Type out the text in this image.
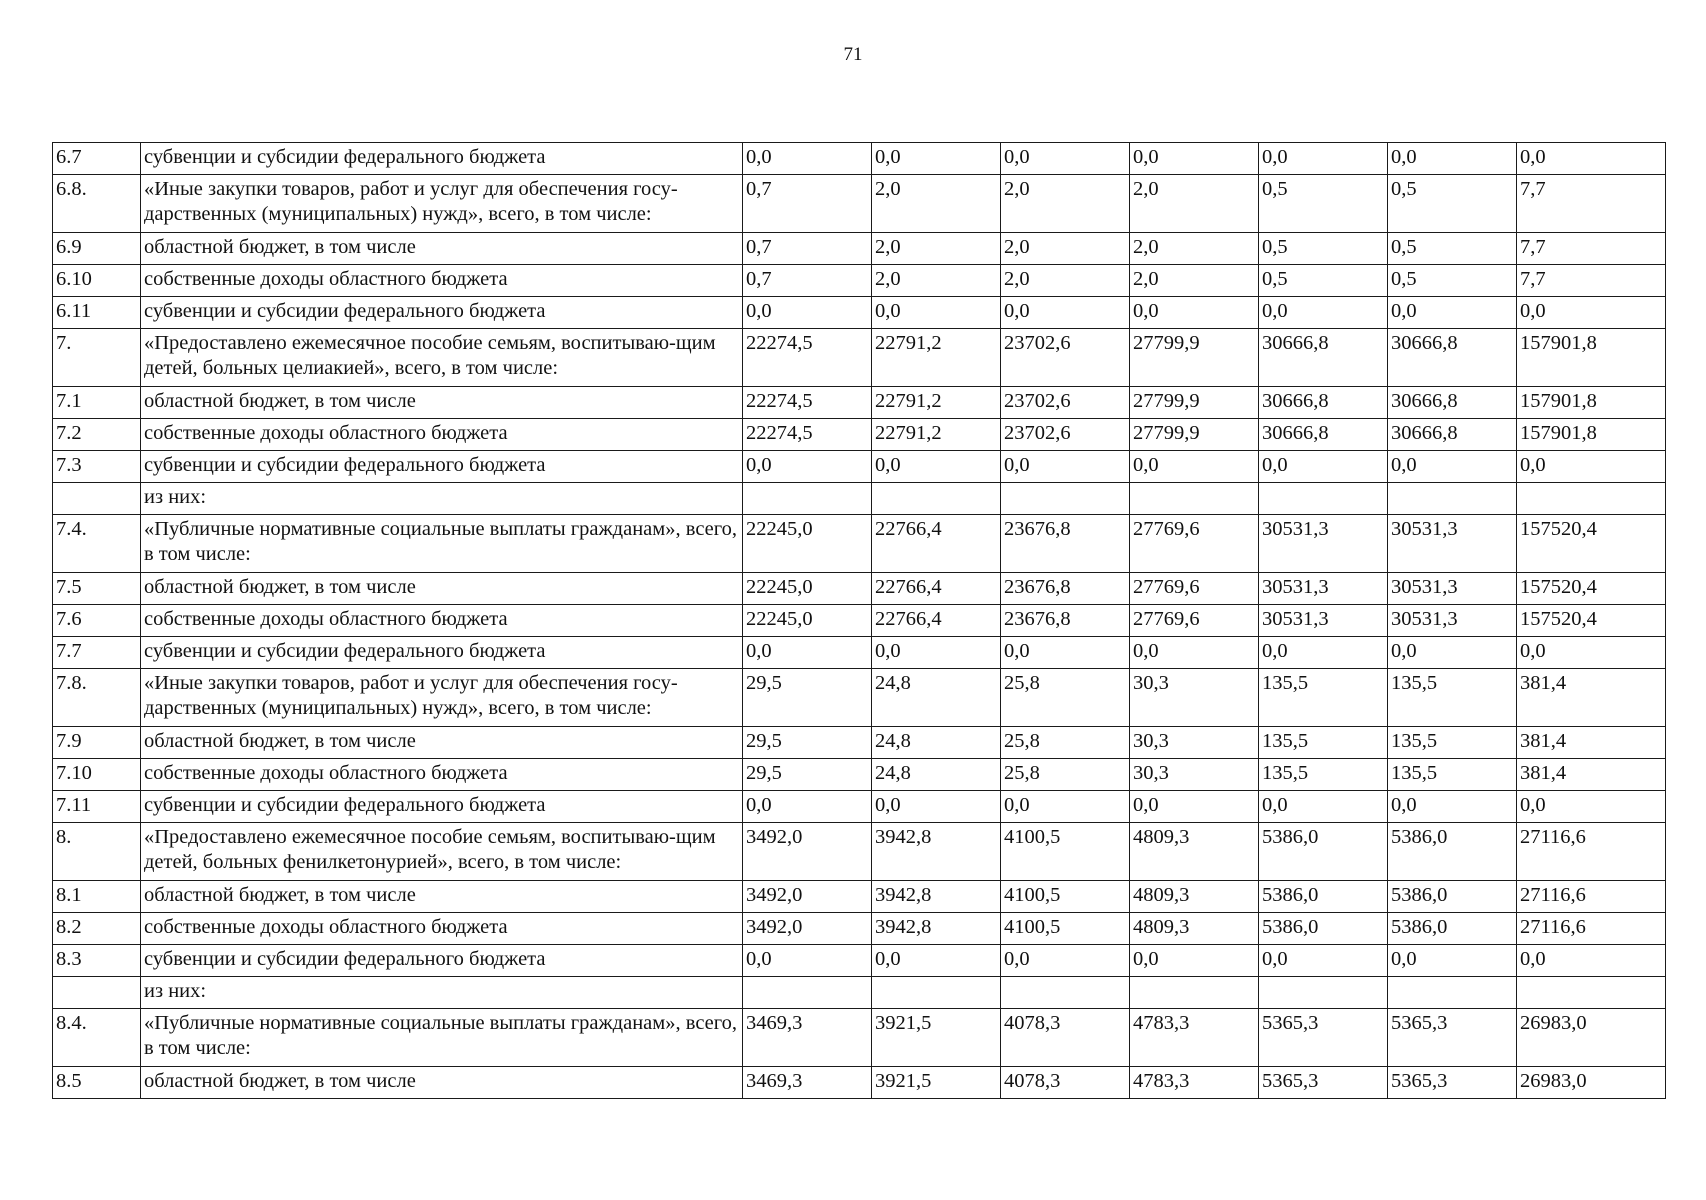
71
6.7	субвенции и субсидии федерального бюджета	0,0	0,0	0,0	0,0	0,0	0,0	0,0
6.8.	«Иные закупки товаров, работ и услуг для обеспечения госу-дарственных (муниципальных) нужд», всего, в том числе:	0,7	2,0	2,0	2,0	0,5	0,5	7,7
6.9	областной бюджет, в том числе	0,7	2,0	2,0	2,0	0,5	0,5	7,7
6.10	собственные доходы областного бюджета	0,7	2,0	2,0	2,0	0,5	0,5	7,7
6.11	субвенции и субсидии федерального бюджета	0,0	0,0	0,0	0,0	0,0	0,0	0,0
7.	«Предоставлено ежемесячное пособие семьям, воспитываю-щим детей, больных целиакией», всего, в том числе:	22274,5	22791,2	23702,6	27799,9	30666,8	30666,8	157901,8
7.1	областной бюджет, в том числе	22274,5	22791,2	23702,6	27799,9	30666,8	30666,8	157901,8
7.2	собственные доходы областного бюджета	22274,5	22791,2	23702,6	27799,9	30666,8	30666,8	157901,8
7.3	субвенции и субсидии федерального бюджета	0,0	0,0	0,0	0,0	0,0	0,0	0,0
	из них:							
7.4.	«Публичные нормативные социальные выплаты гражданам», всего, в том числе:	22245,0	22766,4	23676,8	27769,6	30531,3	30531,3	157520,4
7.5	областной бюджет, в том числе	22245,0	22766,4	23676,8	27769,6	30531,3	30531,3	157520,4
7.6	собственные доходы областного бюджета	22245,0	22766,4	23676,8	27769,6	30531,3	30531,3	157520,4
7.7	субвенции и субсидии федерального бюджета	0,0	0,0	0,0	0,0	0,0	0,0	0,0
7.8.	«Иные закупки товаров, работ и услуг для обеспечения госу-дарственных (муниципальных) нужд», всего, в том числе:	29,5	24,8	25,8	30,3	135,5	135,5	381,4
7.9	областной бюджет, в том числе	29,5	24,8	25,8	30,3	135,5	135,5	381,4
7.10	собственные доходы областного бюджета	29,5	24,8	25,8	30,3	135,5	135,5	381,4
7.11	субвенции и субсидии федерального бюджета	0,0	0,0	0,0	0,0	0,0	0,0	0,0
8.	«Предоставлено ежемесячное пособие семьям, воспитываю-щим детей, больных фенилкетонурией», всего, в том числе:	3492,0	3942,8	4100,5	4809,3	5386,0	5386,0	27116,6
8.1	областной бюджет, в том числе	3492,0	3942,8	4100,5	4809,3	5386,0	5386,0	27116,6
8.2	собственные доходы областного бюджета	3492,0	3942,8	4100,5	4809,3	5386,0	5386,0	27116,6
8.3	субвенции и субсидии федерального бюджета	0,0	0,0	0,0	0,0	0,0	0,0	0,0
	из них:							
8.4.	«Публичные нормативные социальные выплаты гражданам», всего, в том числе:	3469,3	3921,5	4078,3	4783,3	5365,3	5365,3	26983,0
8.5	областной бюджет, в том числе	3469,3	3921,5	4078,3	4783,3	5365,3	5365,3	26983,0
